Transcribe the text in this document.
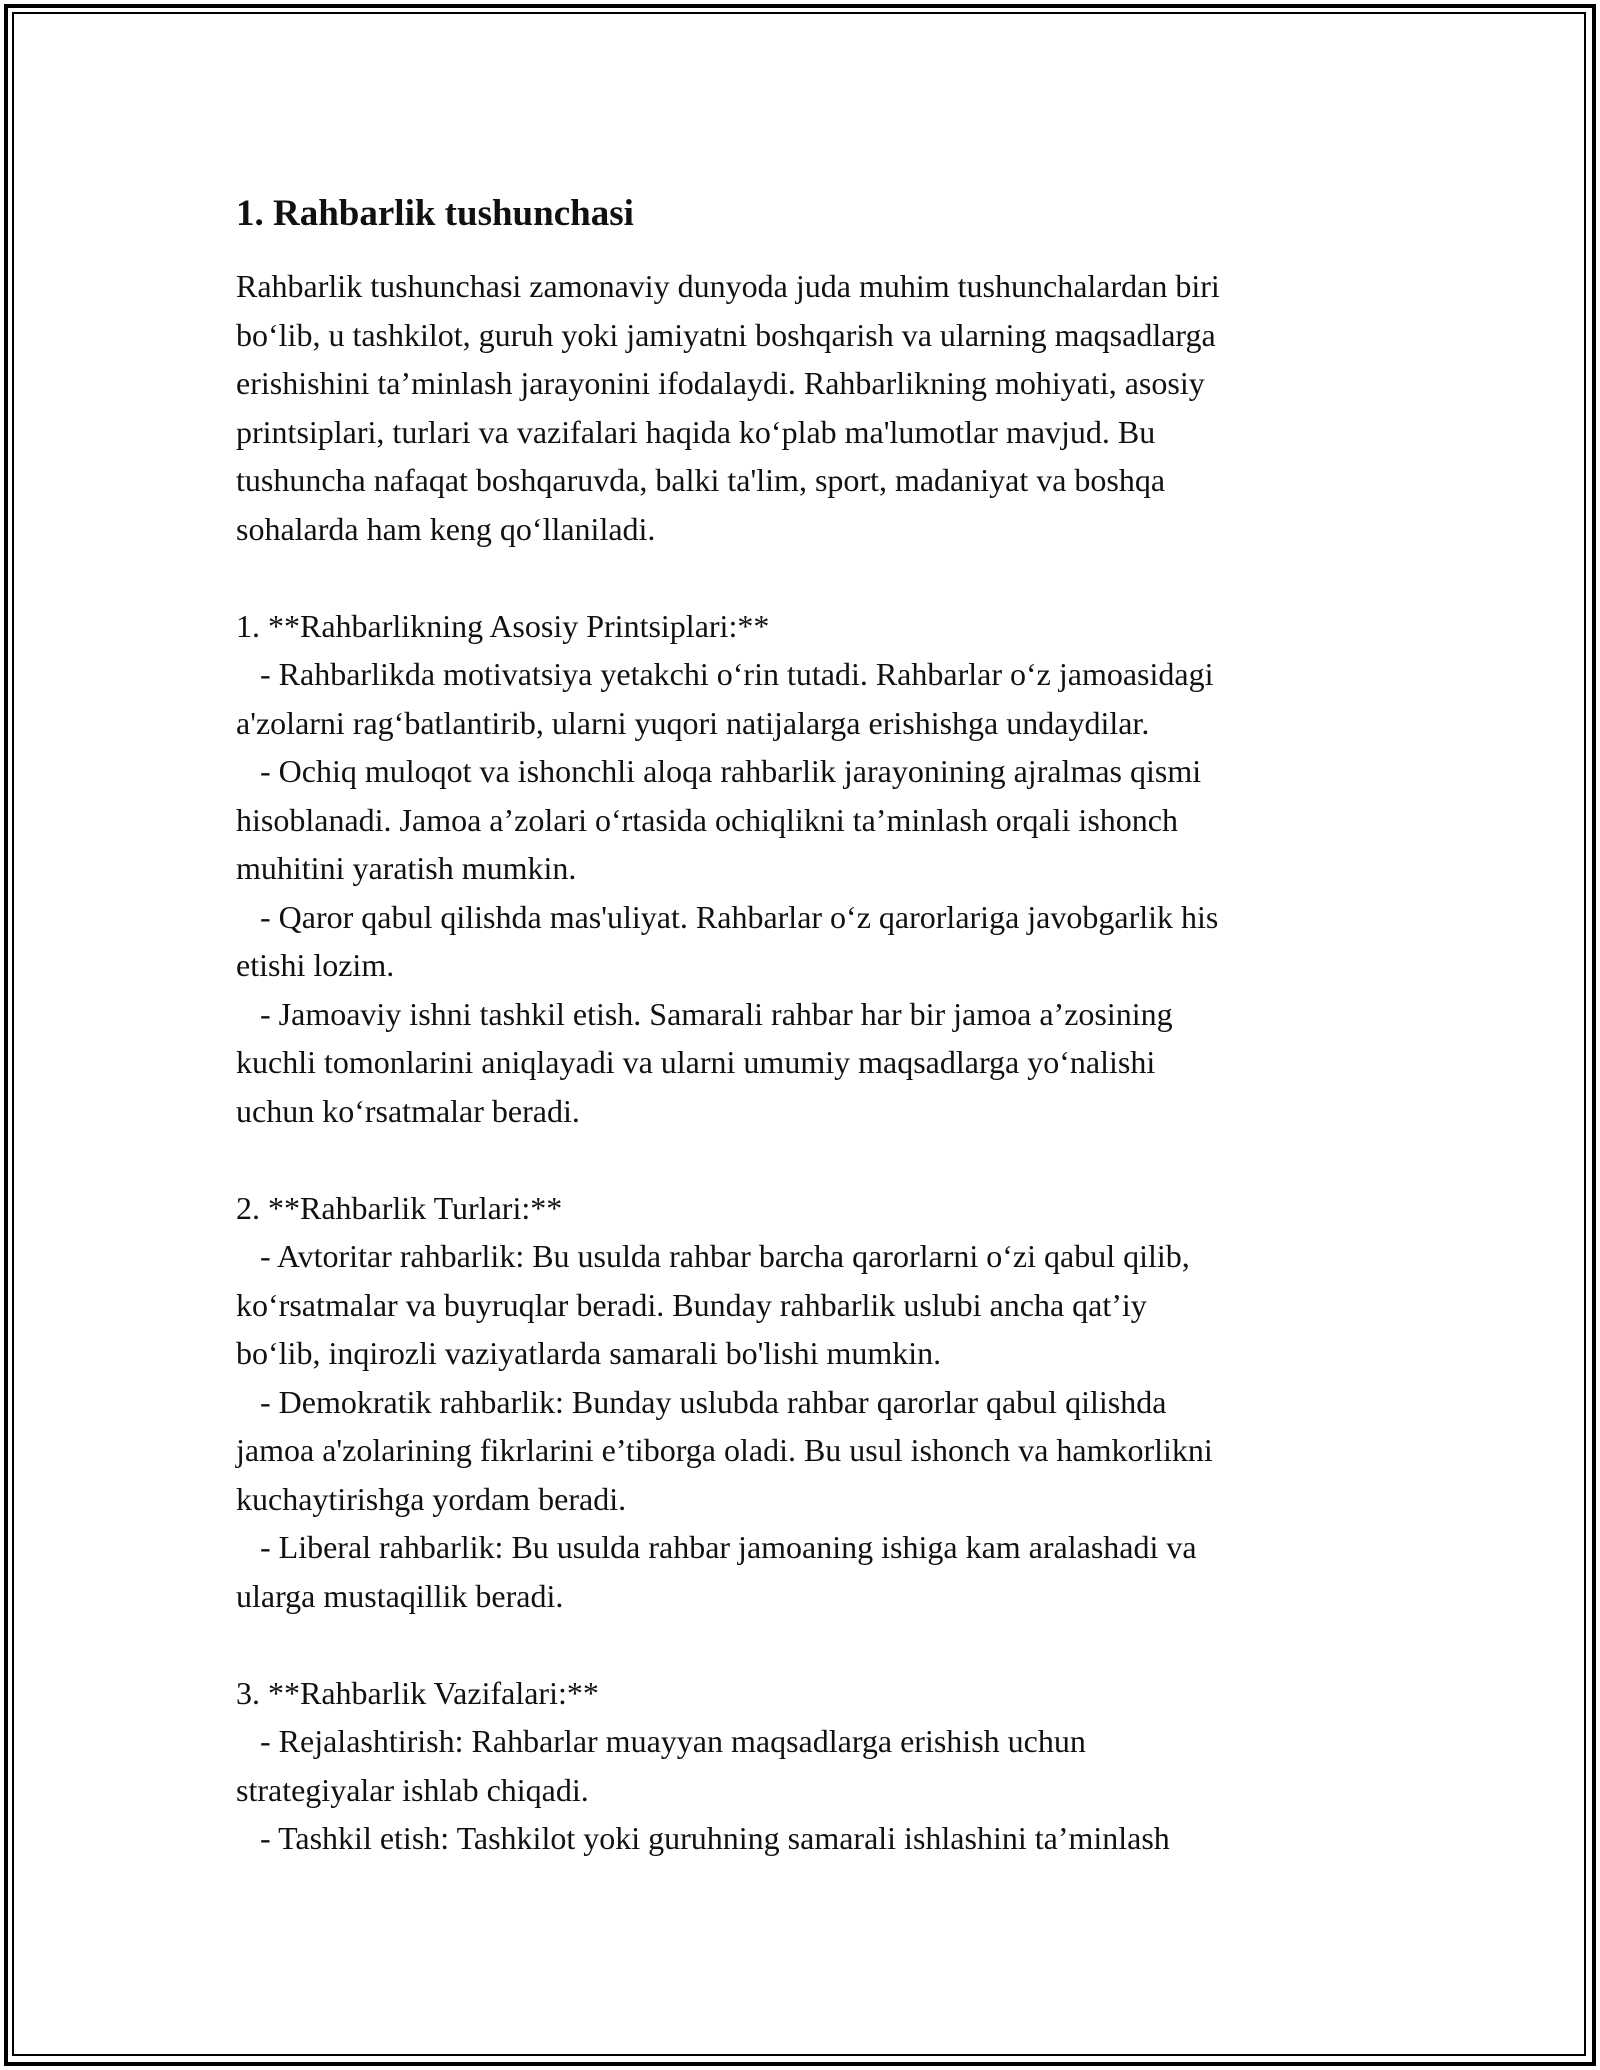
1. Rahbarlik tushunchasi

Rahbarlik tushunchasi zamonaviy dunyoda juda muhim tushunchalardan biri

bo‘lib, u tashkilot, guruh yoki jamiyatni boshqarish va ularning maqsadlarga

erishishini ta’minlash jarayonini ifodalaydi. Rahbarlikning mohiyati, asosiy

printsiplari, turlari va vazifalari haqida ko‘plab ma'lumotlar mavjud. Bu

tushuncha nafaqat boshqaruvda, balki ta'lim, sport, madaniyat va boshqa

sohalarda ham keng qo‘llaniladi.

1. **Rahbarlikning Asosiy Printsiplari:**

- Rahbarlikda motivatsiya yetakchi o‘rin tutadi. Rahbarlar o‘z jamoasidagi

a'zolarni rag‘batlantirib, ularni yuqori natijalarga erishishga undaydilar.

- Ochiq muloqot va ishonchli aloqa rahbarlik jarayonining ajralmas qismi

hisoblanadi. Jamoa a’zolari o‘rtasida ochiqlikni ta’minlash orqali ishonch

muhitini yaratish mumkin.

- Qaror qabul qilishda mas'uliyat. Rahbarlar o‘z qarorlariga javobgarlik his

etishi lozim.

- Jamoaviy ishni tashkil etish. Samarali rahbar har bir jamoa a’zosining

kuchli tomonlarini aniqlayadi va ularni umumiy maqsadlarga yo‘nalishi

uchun ko‘rsatmalar beradi.

2. **Rahbarlik Turlari:**

- Avtoritar rahbarlik: Bu usulda rahbar barcha qarorlarni o‘zi qabul qilib,

ko‘rsatmalar va buyruqlar beradi. Bunday rahbarlik uslubi ancha qat’iy

bo‘lib, inqirozli vaziyatlarda samarali bo'lishi mumkin.

- Demokratik rahbarlik: Bunday uslubda rahbar qarorlar qabul qilishda

jamoa a'zolarining fikrlarini e’tiborga oladi. Bu usul ishonch va hamkorlikni

kuchaytirishga yordam beradi.

- Liberal rahbarlik: Bu usulda rahbar jamoaning ishiga kam aralashadi va

ularga mustaqillik beradi.

3. **Rahbarlik Vazifalari:**

- Rejalashtirish: Rahbarlar muayyan maqsadlarga erishish uchun

strategiyalar ishlab chiqadi.

- Tashkil etish: Tashkilot yoki guruhning samarali ishlashini ta’minlash
